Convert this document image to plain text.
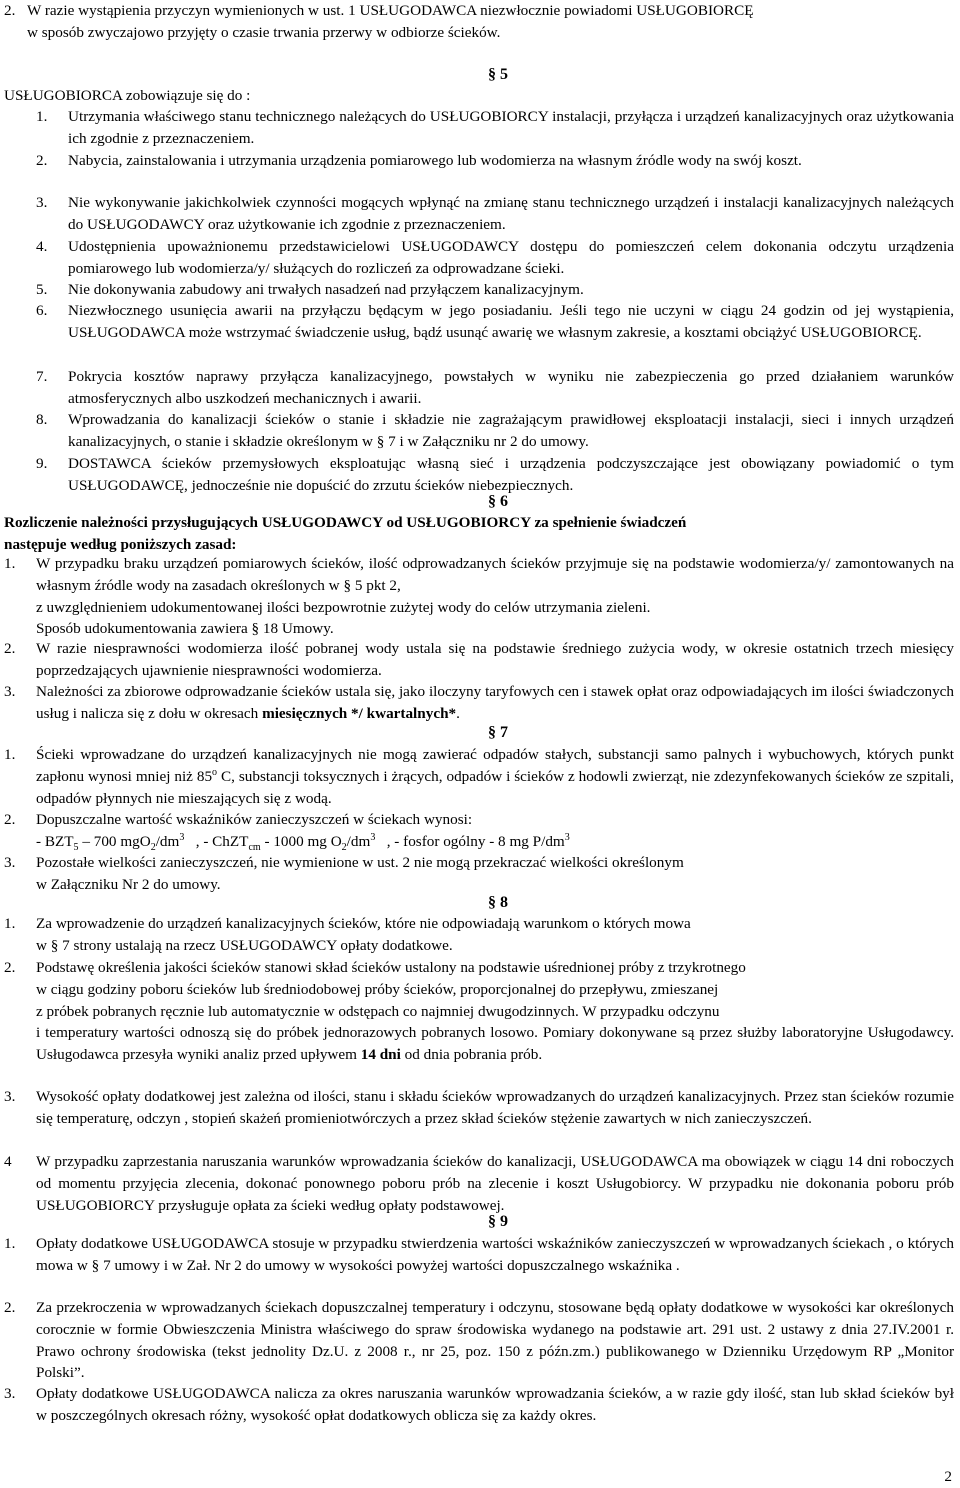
2. W razie wystąpienia przyczyn wymienionych w ust. 1 USŁUGODAWCA niezwłocznie powiadomi USŁUGOBIORCĘ
w sposób zwyczajowo przyjęty o czasie trwania przerwy w odbiorze ścieków.
§ 5
USŁUGOBIORCA zobowiązuje się do :
1. Utrzymania właściwego stanu technicznego należących do USŁUGOBIORCY instalacji, przyłącza i urządzeń kanalizacyjnych oraz użytkowania ich zgodnie z przeznaczeniem.
2. Nabycia, zainstalowania i utrzymania urządzenia pomiarowego lub wodomierza na własnym źródle wody na swój koszt.
3. Nie wykonywanie jakichkolwiek czynności mogących wpłynąć na zmianę stanu technicznego urządzeń i instalacji kanalizacyjnych należących do USŁUGODAWCY oraz użytkowanie ich zgodnie z przeznaczeniem.
4. Udostępnienia upoważnionemu przedstawicielowi USŁUGODAWCY dostępu do pomieszczeń celem dokonania odczytu urządzenia pomiarowego lub wodomierza/y/ służących do rozliczeń za odprowadzane ścieki.
5. Nie dokonywania zabudowy ani trwałych nasadzeń nad przyłączem kanalizacyjnym.
6. Niezwłocznego usunięcia awarii na przyłączu będącym w jego posiadaniu. Jeśli tego nie uczyni w ciągu 24 godzin od jej wystąpienia, USŁUGODAWCA może wstrzymać świadczenie usług, bądź usunąć awarię we własnym zakresie, a kosztami obciążyć USŁUGOBIORCĘ.
7. Pokrycia kosztów naprawy przyłącza kanalizacyjnego, powstałych w wyniku nie zabezpieczenia go przed działaniem warunków atmosferycznych albo uszkodzeń mechanicznych i awarii.
8. Wprowadzania do kanalizacji ścieków o stanie i składzie nie zagrażającym prawidłowej eksploatacji instalacji, sieci i innych urządzeń kanalizacyjnych, o stanie i składzie określonym w § 7 i w Załączniku nr 2 do umowy.
9. DOSTAWCA ścieków przemysłowych eksploatując własną sieć i urządzenia podczyszczające jest obowiązany powiadomić o tym USŁUGODAWCĘ, jednocześnie nie dopuścić do zrzutu ścieków niebezpiecznych.
§ 6
Rozliczenie należności przysługujących USŁUGODAWCY od USŁUGOBIORCY za spełnienie świadczeń
następuje według poniższych zasad:
1. W przypadku braku urządzeń pomiarowych ścieków, ilość odprowadzanych ścieków przyjmuje się na podstawie wodomierza/y/ zamontowanych na własnym źródle wody na zasadach określonych w § 5 pkt 2,
z uwzględnieniem udokumentowanej ilości bezpowrotnie zużytej wody do celów utrzymania zieleni.
Sposób udokumentowania zawiera § 18 Umowy.
2. W razie niesprawności wodomierza ilość pobranej wody ustala się na podstawie średniego zużycia wody, w okresie ostatnich trzech miesięcy poprzedzających ujawnienie niesprawności wodomierza.
3. Należności za zbiorowe odprowadzanie ścieków ustala się, jako iloczyny taryfowych cen i stawek opłat oraz odpowiadających im ilości świadczonych usług i nalicza się z dołu w okresach miesięcznych */ kwartalnych*.
§ 7
1. Ścieki wprowadzane do urządzeń kanalizacyjnych nie mogą zawierać odpadów stałych, substancji samo palnych i wybuchowych, których punkt zapłonu wynosi mniej niż 85$^o$ C, substancji toksycznych i żrących, odpadów i ścieków z hodowli zwierząt, nie zdezynfekowanych ścieków ze szpitali, odpadów płynnych nie mieszających się z wodą.
2. Dopuszczalne wartość wskaźników zanieczyszczeń w ściekach wynosi:
- $BZT_5 - 700$ $mgO_2/dm^3$ , - ChZT$_{cm}$ - 1000 mg $O_2/dm^3$ , - fosfor ogólny - 8 mg $P/dm^3$
3. Pozostałe wielkości zanieczyszczeń, nie wymienione w ust. 2 nie mogą przekraczać wielkości określonym
w Załączniku Nr 2 do umowy.
§ 8
1. Za wprowadzenie do urządzeń kanalizacyjnych ścieków, które nie odpowiadają warunkom o których mowa
w § 7 strony ustalają na rzecz USŁUGODAWCY opłaty dodatkowe.
2. Podstawę określenia jakości ścieków stanowi skład ścieków ustalony na podstawie uśrednionej próby z trzykrotnego
w ciągu godziny poboru ścieków lub średniodobowej próby ścieków, proporcjonalnej do przepływu, zmieszanej
z próbek pobranych ręcznie lub automatycznie w odstępach co najmniej dwugodzinnych. W przypadku odczynu
i temperatury wartości odnoszą się do próbek jednorazowych pobranych losowo. Pomiary dokonywane są przez służby laboratoryjne Usługodawcy. Usługodawca przesyła wyniki analiz przed upływem 14 dni od dnia pobrania prób.
3. Wysokość opłaty dodatkowej jest zależna od ilości, stanu i składu ścieków wprowadzanych do urządzeń kanalizacyjnych. Przez stan ścieków rozumie się temperaturę, odczyn , stopień skażeń promieniotwórczych a przez skład ścieków stężenie zawartych w nich zanieczyszczeń.
4 W przypadku zaprzestania naruszania warunków wprowadzania ścieków do kanalizacji, USŁUGODAWCA ma obowiązek w ciągu 14 dni roboczych od momentu przyjęcia zlecenia, dokonać ponownego poboru prób na zlecenie i koszt Usługobiorcy. W przypadku nie dokonania poboru prób USŁUGOBIORCY przysługuje opłata za ścieki według opłaty podstawowej.
§ 9
1. Opłaty dodatkowe USŁUGODAWCA stosuje w przypadku stwierdzenia wartości wskaźników zanieczyszczeń w wprowadzanych ściekach , o których mowa w § 7 umowy i w Zał. Nr 2 do umowy w wysokości powyżej wartości dopuszczalnego wskaźnika .
2. Za przekroczenia w wprowadzanych ściekach dopuszczalnej temperatury i odczynu, stosowane będą opłaty dodatkowe w wysokości kar określonych corocznie w formie Obwieszczenia Ministra właściwego do spraw środowiska wydanego na podstawie art. 291 ust. 2 ustawy z dnia 27.IV.2001 r. Prawo ochrony środowiska (tekst jednolity Dz.U. z 2008 r., nr 25, poz. 150 z późn.zm.) publikowanego w Dzienniku Urzędowym RP „Monitor Polski”.
3. Opłaty dodatkowe USŁUGODAWCA nalicza za okres naruszania warunków wprowadzania ścieków, a w razie gdy ilość, stan lub skład ścieków był w poszczególnych okresach różny, wysokość opłat dodatkowych oblicza się za każdy okres.
2
